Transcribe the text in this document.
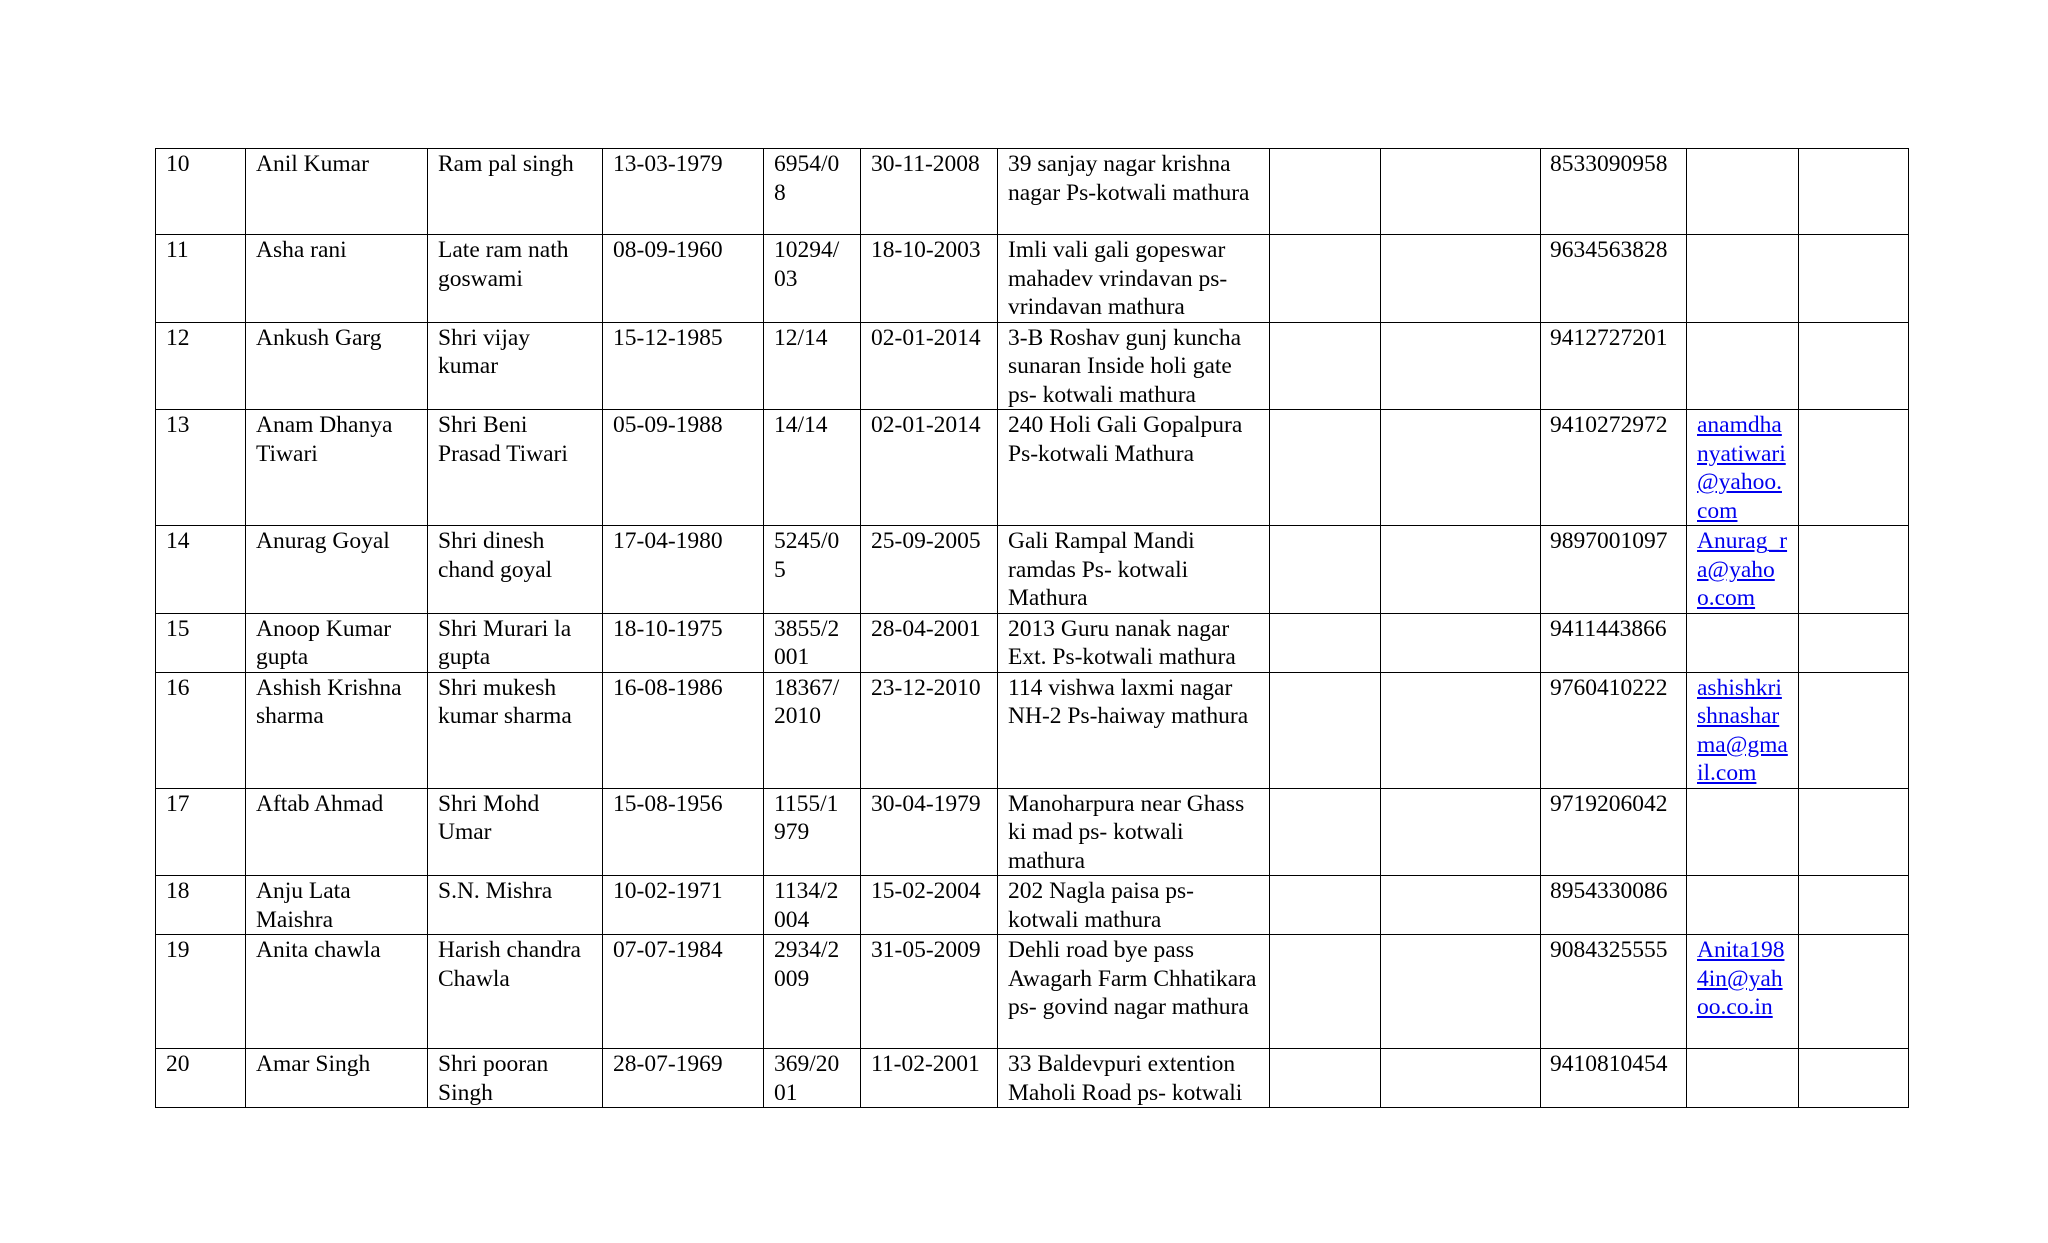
10	Anil Kumar	Ram pal singh	13-03-1979	6954/08	30-11-2008	39 sanjay nagar krishna nagar Ps-kotwali mathura			8533090958		
11	Asha rani	Late ram nath goswami	08-09-1960	10294/03	18-10-2003	Imli vali gali gopeswar mahadev vrindavan ps-vrindavan mathura			9634563828		
12	Ankush Garg	Shri vijay kumar	15-12-1985	12/14	02-01-2014	3-B Roshav gunj kuncha sunaran Inside holi gate ps- kotwali mathura			9412727201		
13	Anam Dhanya Tiwari	Shri Beni Prasad Tiwari	05-09-1988	14/14	02-01-2014	240 Holi Gali Gopalpura Ps-kotwali Mathura			9410272972	anamdhanyatiwari@yahoo.com	
14	Anurag Goyal	Shri dinesh chand goyal	17-04-1980	5245/05	25-09-2005	Gali Rampal Mandi ramdas Ps- kotwali Mathura			9897001097	Anurag_ra@yahoo.com	
15	Anoop Kumar gupta	Shri Murari la gupta	18-10-1975	3855/2001	28-04-2001	2013 Guru nanak nagar Ext. Ps-kotwali mathura			9411443866		
16	Ashish Krishna sharma	Shri mukesh kumar sharma	16-08-1986	18367/2010	23-12-2010	114 vishwa laxmi nagar NH-2 Ps-haiway mathura			9760410222	ashishkrishnasharma@gmail.com	
17	Aftab Ahmad	Shri Mohd Umar	15-08-1956	1155/1979	30-04-1979	Manoharpura near Ghass ki mad ps- kotwali mathura			9719206042		
18	Anju Lata Maishra	S.N. Mishra	10-02-1971	1134/2004	15-02-2004	202 Nagla paisa ps- kotwali mathura			8954330086		
19	Anita chawla	Harish chandra Chawla	07-07-1984	2934/2009	31-05-2009	Dehli road bye pass Awagarh Farm Chhatikara ps- govind nagar mathura			9084325555	Anita1984in@yahoo.co.in	
20	Amar Singh	Shri pooran Singh	28-07-1969	369/2001	11-02-2001	33 Baldevpuri extention Maholi Road ps- kotwali			9410810454		
